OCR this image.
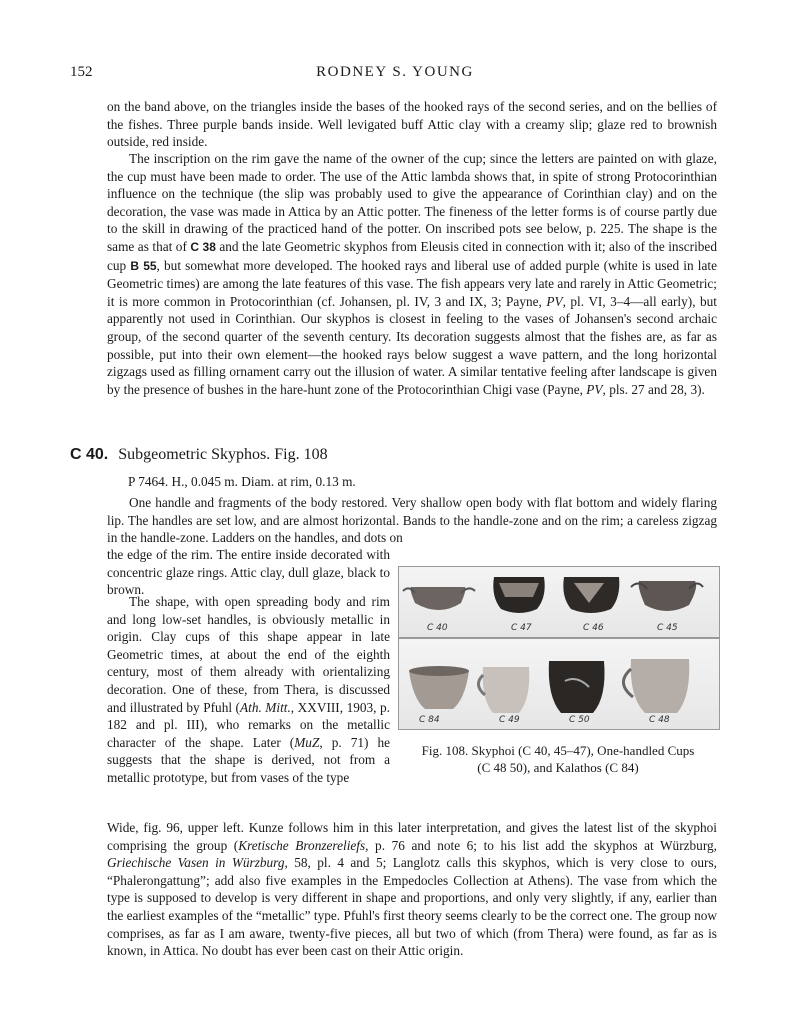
152	RODNEY S. YOUNG

on the band above, on the triangles inside the bases of the hooked rays of the second series, and on the bellies of the fishes. Three purple bands inside. Well levigated buff Attic clay with a creamy slip; glaze red to brownish outside, red inside.

The inscription on the rim gave the name of the owner of the cup; since the letters are painted on with glaze, the cup must have been made to order. The use of the Attic lambda shows that, in spite of strong Protocorinthian influence on the technique (the slip was probably used to give the appearance of Corinthian clay) and on the decoration, the vase was made in Attica by an Attic potter. The fineness of the letter forms is of course partly due to the skill in drawing of the practiced hand of the potter. On inscribed pots see below, p. 225. The shape is the same as that of C 38 and the late Geometric skyphos from Eleusis cited in connection with it; also of the inscribed cup B 55, but somewhat more developed. The hooked rays and liberal use of added purple (white is used in late Geometric times) are among the late features of this vase. The fish appears very late and rarely in Attic Geometric; it is more common in Protocorinthian (cf. Johansen, pl. IV, 3 and IX, 3; Payne, PV, pl. VI, 3–4—all early), but apparently not used in Corinthian. Our skyphos is closest in feeling to the vases of Johansen's second archaic group, of the second quarter of the seventh century. Its decoration suggests almost that the fishes are, as far as possible, put into their own element—the hooked rays below suggest a wave pattern, and the long horizontal zigzags used as filling ornament carry out the illusion of water. A similar tentative feeling after landscape is given by the presence of bushes in the hare-hunt zone of the Protocorinthian Chigi vase (Payne, PV, pls. 27 and 28, 3).

C 40. Subgeometric Skyphos. Fig. 108
P 7464. H., 0.045 m. Diam. at rim, 0.13 m.
One handle and fragments of the body restored. Very shallow open body with flat bottom and widely flaring lip. The handles are set low, and are almost horizontal. Bands to the handle-zone and on the rim; a careless zigzag in the handle-zone. Ladders on the handles, and dots on
the edge of the rim. The entire inside decorated with concentric glaze rings. Attic clay, dull glaze, black to brown.
The shape, with open spreading body and rim and long low-set handles, is obviously metallic in origin. Clay cups of this shape appear in late Geometric times, at about the end of the eighth century, most of them already with orientalizing decoration. One of these, from Thera, is discussed and illustrated by Pfuhl (Ath. Mitt., XXVIII, 1903, p. 182 and pl. III), who remarks on the metallic character of the shape. Later (MuZ, p. 71) he suggests that the shape is derived, not from a metallic prototype, but from vases of the type
Wide, fig. 96, upper left. Kunze follows him in this later interpretation, and gives the latest list of the skyphoi comprising the group (Kretische Bronzereliefs, p. 76 and note 6; to his list add the skyphos at Würzburg, Griechische Vasen in Würzburg, 58, pl. 4 and 5; Langlotz calls this skyphos, which is very close to ours, “Phalerongattung”; add also five examples in the Empedocles Collection at Athens). The vase from which the type is supposed to develop is very different in shape and proportions, and only very slightly, if any, earlier than the earliest examples of the “metallic” type. Pfuhl's first theory seems clearly to be the correct one. The group now comprises, as far as I am aware, twenty-five pieces, all but two of which (from Thera) were found, as far as is known, in Attica. No doubt has ever been cast on their Attic origin.
C 40	C 47	C 46	C 45
C 84	C 49	C 50	C 48
Fig. 108. Skyphoi (C 40, 45–47), One-handled Cups
(C 48 50), and Kalathos (C 84)
